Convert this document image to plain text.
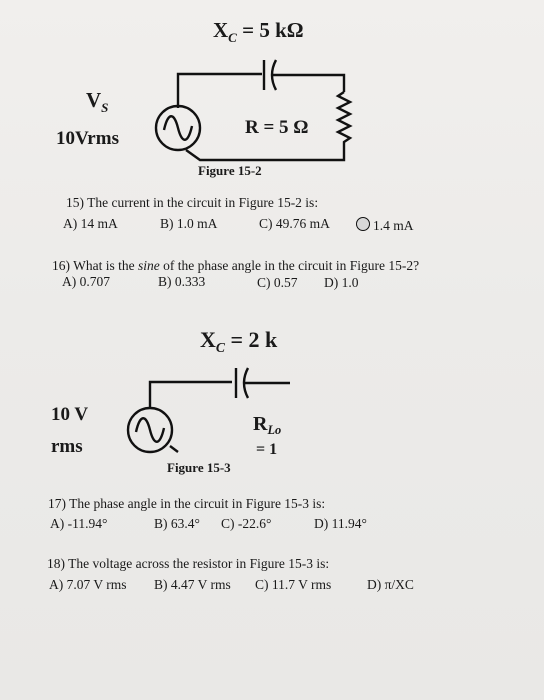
$X_C = 5$ kΩ
$V_S$
10Vrms
R = 5 Ω
Figure 15-2
15) The current in the circuit in Figure 15-2 is:
A) 14 mA	B) 1.0 mA	C) 49.76 mA	1.4 mA
16) What is the sine of the phase angle in the circuit in Figure 15-2?
A) 0.707	B) 0.333	C) 0.57 D) 1.0
$X_C = 2$ k
10 V
rms
$R_{Lo}$
= 1
Figure 15-3
17) The phase angle in the circuit in Figure 15-3 is:
A) -11.94°	B) 63.4° C) -22.6°	D) 11.94°
18) The voltage across the resistor in Figure 15-3 is:
A) 7.07 V rms B) 4.47 V rms C) 11.7 V rms	D) π/XC
